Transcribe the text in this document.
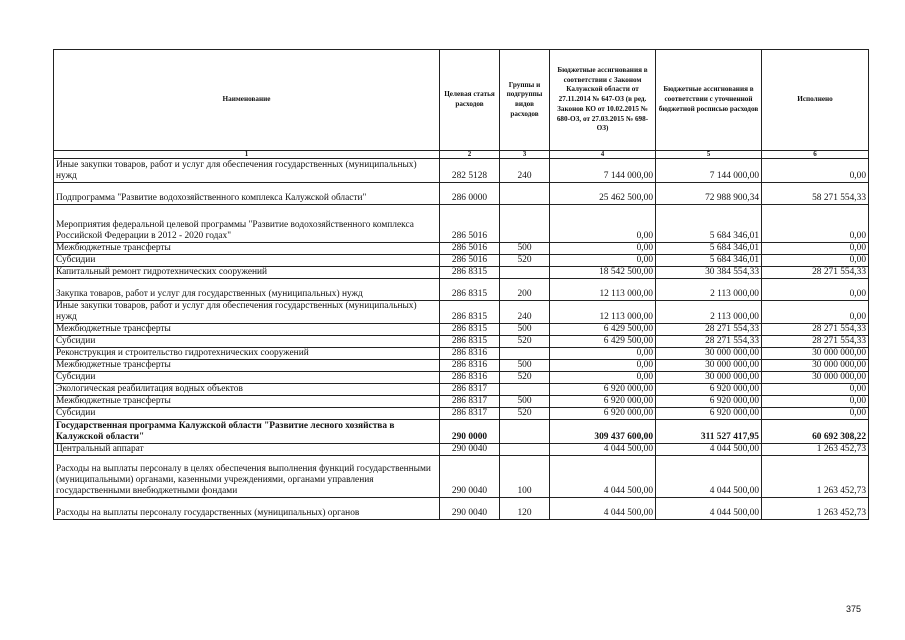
Наименование	Целевая статья расходов	Группы и подгруппы видов расходов	Бюджетные ассигнования в соответствии с Законом Калужской области от 27.11.2014 № 647-ОЗ (в ред. Законов КО от 10.02.2015 № 680-ОЗ, от 27.03.2015 № 698-ОЗ)	Бюджетные ассигнования в соответствии с уточненной бюджетной росписью расходов	Исполнено
1	2	3	4	5	6
Иные закупки товаров, работ и услуг для обеспечения государственных (муниципальных) нужд	282 5128	240	7 144 000,00	7 144 000,00	0,00
Подпрограмма "Развитие водохозяйственного комплекса Калужской области"	286 0000		25 462 500,00	72 988 900,34	58 271 554,33
Мероприятия федеральной целевой программы "Развитие водохозяйственного комплекса Российской Федерации в 2012 - 2020 годах"	286 5016		0,00	5 684 346,01	0,00
Межбюджетные трансферты	286 5016	500	0,00	5 684 346,01	0,00
Субсидии	286 5016	520	0,00	5 684 346,01	0,00
Капитальный ремонт гидротехнических сооружений	286 8315		18 542 500,00	30 384 554,33	28 271 554,33
Закупка товаров, работ и услуг для государственных (муниципальных) нужд	286 8315	200	12 113 000,00	2 113 000,00	0,00
Иные закупки товаров, работ и услуг для обеспечения государственных (муниципальных) нужд	286 8315	240	12 113 000,00	2 113 000,00	0,00
Межбюджетные трансферты	286 8315	500	6 429 500,00	28 271 554,33	28 271 554,33
Субсидии	286 8315	520	6 429 500,00	28 271 554,33	28 271 554,33
Реконструкция и строительство гидротехнических сооружений	286 8316		0,00	30 000 000,00	30 000 000,00
Межбюджетные трансферты	286 8316	500	0,00	30 000 000,00	30 000 000,00
Субсидии	286 8316	520	0,00	30 000 000,00	30 000 000,00
Экологическая реабилитация водных объектов	286 8317		6 920 000,00	6 920 000,00	0,00
Межбюджетные трансферты	286 8317	500	6 920 000,00	6 920 000,00	0,00
Субсидии	286 8317	520	6 920 000,00	6 920 000,00	0,00
Государственная программа Калужской области "Развитие лесного хозяйства в Калужской области"	290 0000		309 437 600,00	311 527 417,95	60 692 308,22
Центральный аппарат	290 0040		4 044 500,00	4 044 500,00	1 263 452,73
Расходы на выплаты персоналу в целях обеспечения выполнения функций государственными (муниципальными) органами, казенными учреждениями, органами управления государственными внебюджетными фондами	290 0040	100	4 044 500,00	4 044 500,00	1 263 452,73
Расходы на выплаты персоналу государственных (муниципальных) органов	290 0040	120	4 044 500,00	4 044 500,00	1 263 452,73
375
